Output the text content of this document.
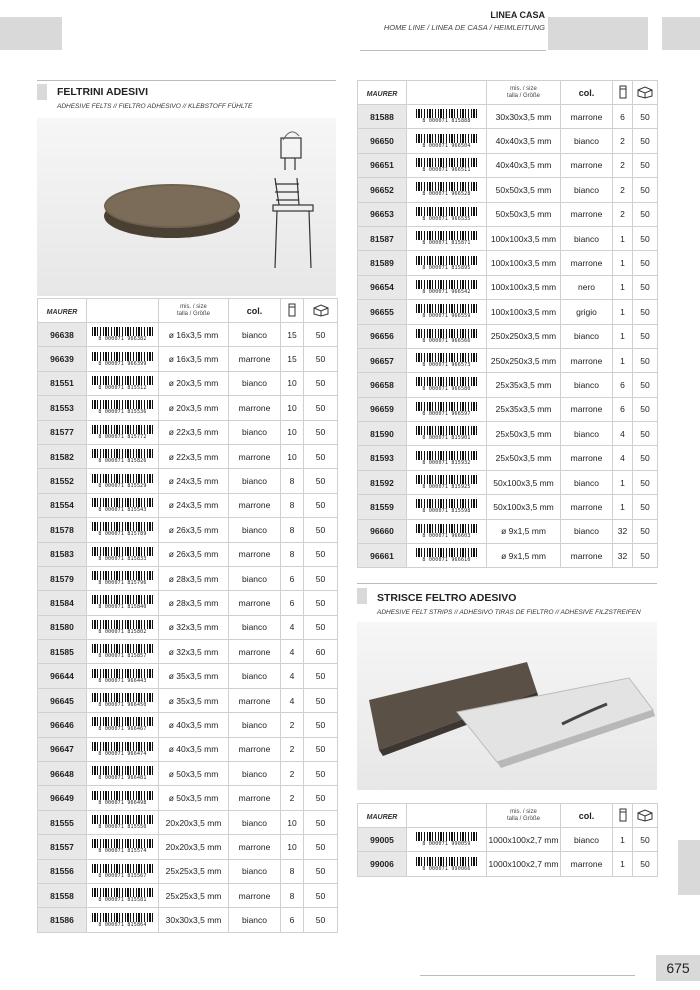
LINEA CASA
HOME LINE / LINEA DE CASA / HEIMLEITUNG
FELTRINI ADESIVI
ADHESIVE FELTS // FIELTRO ADHESIVO // KLEBSTOFF FÜHLTE
MAURER		mis. / size
talla / Größe	col.		
96638	8 000071 966382	ø 16x3,5 mm	bianco	15	50
96639	8 000071 966399	ø 16x3,5 mm	marrone	15	50
81551	8 000071 815512	ø 20x3,5 mm	bianco	10	50
81553	8 000071 815536	ø 20x3,5 mm	marrone	10	50
81577	8 000071 815772	ø 22x3,5 mm	bianco	10	50
81582	8 000071 815826	ø 22x3,5 mm	marrone	10	50
81552	8 000071 815529	ø 24x3,5 mm	bianco	8	50
81554	8 000071 815543	ø 24x3,5 mm	marrone	8	50
81578	8 000071 815789	ø 26x3,5 mm	bianco	8	50
81583	8 000071 815833	ø 26x3,5 mm	marrone	8	50
81579	8 000071 815796	ø 28x3,5 mm	bianco	6	50
81584	8 000071 815840	ø 28x3,5 mm	marrone	6	50
81580	8 000071 815802	ø 32x3,5 mm	bianco	4	50
81585	8 000071 815857	ø 32x3,5 mm	marrone	4	60
96644	8 000071 966443	ø 35x3,5 mm	bianco	4	50
96645	8 000071 966450	ø 35x3,5 mm	marrone	4	50
96646	8 000071 966467	ø 40x3,5 mm	bianco	2	50
96647	8 000071 966474	ø 40x3,5 mm	marrone	2	50
96648	8 000071 966481	ø 50x3,5 mm	bianco	2	50
96649	8 000071 966498	ø 50x3,5 mm	marrone	2	50
81555	8 000071 815550	20x20x3,5 mm	bianco	10	50
81557	8 000071 815574	20x20x3,5 mm	marrone	10	50
81556	8 000071 815567	25x25x3,5 mm	bianco	8	50
81558	8 000071 815581	25x25x3,5 mm	marrone	8	50
81586	8 000071 815864	30x30x3,5 mm	bianco	6	50
MAURER		mis. / size
talla / Größe	col.		
81588	8 000071 815888	30x30x3,5 mm	marrone	6	50
96650	8 000071 966504	40x40x3,5 mm	bianco	2	50
96651	8 000071 966511	40x40x3,5 mm	marrone	2	50
96652	8 000071 966528	50x50x3,5 mm	bianco	2	50
96653	8 000071 966535	50x50x3,5 mm	marrone	2	50
81587	8 000071 815871	100x100x3,5 mm	bianco	1	50
81589	8 000071 815895	100x100x3,5 mm	marrone	1	50
96654	8 000071 966542	100x100x3,5 mm	nero	1	50
96655	8 000071 966559	100x100x3,5 mm	grigio	1	50
96656	8 000071 966566	250x250x3,5 mm	bianco	1	50
96657	8 000071 966573	250x250x3,5 mm	marrone	1	50
96658	8 000071 966580	25x35x3,5 mm	bianco	6	50
96659	8 000071 966597	25x35x3,5 mm	marrone	6	50
81590	8 000071 815901	25x50x3,5 mm	bianco	4	50
81593	8 000071 815932	25x50x3,5 mm	marrone	4	50
81592	8 000071 815925	50x100x3,5 mm	bianco	1	50
81559	8 000071 815598	50x100x3,5 mm	marrone	1	50
96660	8 000071 966603	ø 9x1,5 mm	bianco	32	50
96661	8 000071 966610	ø 9x1,5 mm	marrone	32	50
STRISCE FELTRO ADESIVO
ADHESIVE FELT STRIPS // ADHESIVO TIRAS DE FIELTRO // ADHESIVE FILZSTREIFEN
MAURER		mis. / size
talla / Größe	col.		
99005	8 000071 990059	1000x100x2,7 mm	bianco	1	50
99006	8 000071 990066	1000x100x2,7 mm	marrone	1	50
675
